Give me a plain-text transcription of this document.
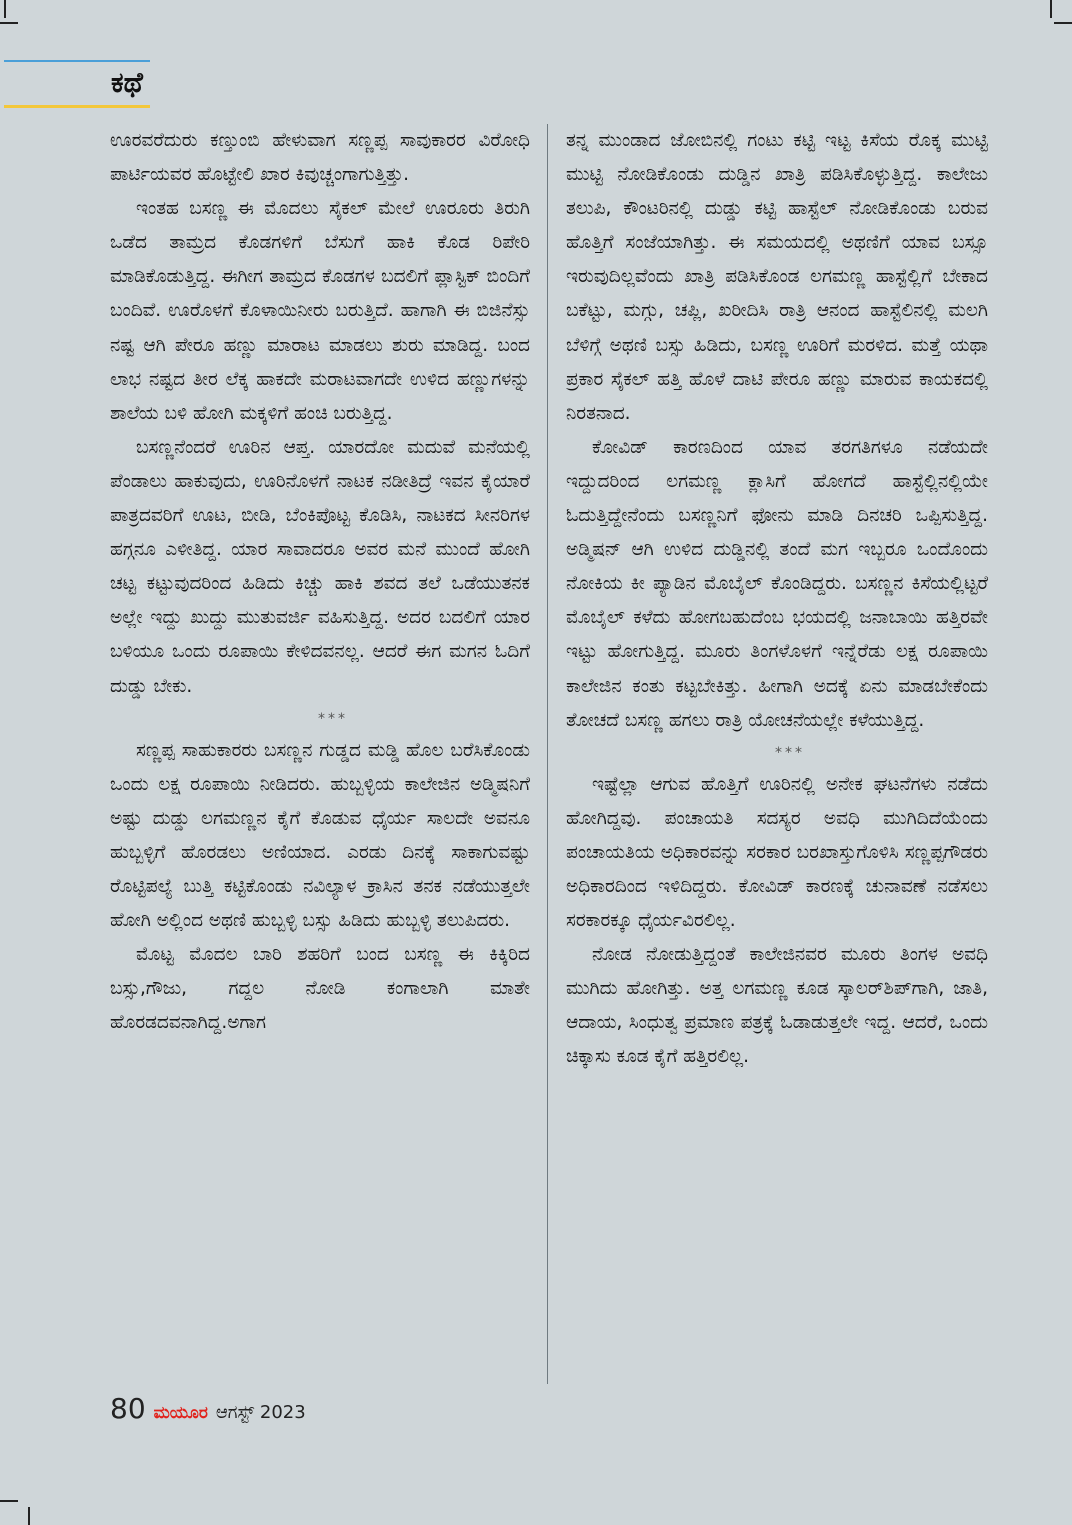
ಕಥೆ

ಊರವರೆದುರು ಕಣ್ತುಂಬಿ ಹೇಳುವಾಗ ಸಣ್ಣಪ್ಪ ಸಾವುಕಾರರ ವಿರೋಧಿ ಪಾರ್ಟಿಯವರ ಹೊಟ್ಟೇಲಿ ಖಾರ ಕಿವುಚ್ಚಂಗಾಗುತ್ತಿತ್ತು.

ಇಂತಹ ಬಸಣ್ಣ ಈ ಮೊದಲು ಸೈಕಲ್ ಮೇಲೆ ಊರೂರು ತಿರುಗಿ ಒಡೆದ ತಾಮ್ರದ ಕೊಡಗಳಿಗೆ ಬೆಸುಗೆ ಹಾಕಿ ಕೊಡ ರಿಪೇರಿ ಮಾಡಿಕೊಡುತ್ತಿದ್ದ. ಈಗೀಗ ತಾಮ್ರದ ಕೊಡಗಳ ಬದಲಿಗೆ ಪ್ಲಾಸ್ಟಿಕ್ ಬಿಂದಿಗೆ ಬಂದಿವೆ. ಊರೊಳಗೆ ಕೊಳಾಯಿನೀರು ಬರುತ್ತಿದೆ. ಹಾಗಾಗಿ ಈ ಬಿಜಿನೆಸ್ಸು ನಷ್ಟ ಆಗಿ ಪೇರೂ ಹಣ್ಣು ಮಾರಾಟ ಮಾಡಲು ಶುರು ಮಾಡಿದ್ದ. ಬಂದ ಲಾಭ ನಷ್ಟದ ತೀರ ಲೆಕ್ಕ ಹಾಕದೇ ಮರಾಟವಾಗದೇ ಉಳಿದ ಹಣ್ಣುಗಳನ್ನು ಶಾಲೆಯ ಬಳಿ ಹೋಗಿ ಮಕ್ಕಳಿಗೆ ಹಂಚಿ ಬರುತ್ತಿದ್ದ.

ಬಸಣ್ಣನೆಂದರೆ ಊರಿನ ಆಪ್ತ. ಯಾರದೋ ಮದುವೆ ಮನೆಯಲ್ಲಿ ಪೆಂಡಾಲು ಹಾಕುವುದು, ಊರಿನೊಳಗೆ ನಾಟಕ ನಡೀತಿದ್ರೆ ಇವನ ಕೈಯಾರೆ ಪಾತ್ರದವರಿಗೆ ಊಟ, ಬೀಡಿ, ಬೆಂಕಿಪೊಟ್ಟ ಕೊಡಿಸಿ, ನಾಟಕದ ಸೀನರಿಗಳ ಹಗ್ಗನೂ ಎಳೀತಿದ್ದ. ಯಾರ ಸಾವಾದರೂ ಅವರ ಮನೆ ಮುಂದೆ ಹೋಗಿ ಚಟ್ಟ ಕಟ್ಟುವುದರಿಂದ ಹಿಡಿದು ಕಿಚ್ಚು ಹಾಕಿ ಶವದ ತಲೆ ಒಡೆಯುತನಕ ಅಲ್ಲೇ ಇದ್ದು ಖುದ್ದು ಮುತುವರ್ಜಿ ವಹಿಸುತ್ತಿದ್ದ. ಅದರ ಬದಲಿಗೆ ಯಾರ ಬಳಿಯೂ ಒಂದು ರೂಪಾಯಿ ಕೇಳಿದವನಲ್ಲ. ಆದರೆ ಈಗ ಮಗನ ಓದಿಗೆ ದುಡ್ಡು ಬೇಕು.

***

ಸಣ್ಣಪ್ಪ ಸಾಹುಕಾರರು ಬಸಣ್ಣನ ಗುಡ್ಡದ ಮಡ್ಡಿ ಹೊಲ ಬರೆಸಿಕೊಂಡು ಒಂದು ಲಕ್ಷ ರೂಪಾಯಿ ನೀಡಿದರು. ಹುಬ್ಬಳ್ಳಿಯ ಕಾಲೇಜಿನ ಅಡ್ಮಿಷನಿಗೆ ಅಷ್ಟು ದುಡ್ಡು ಲಗಮಣ್ಣನ ಕೈಗೆ ಕೊಡುವ ಧೈರ್ಯ ಸಾಲದೇ ಅವನೂ ಹುಬ್ಬಳ್ಳಿಗೆ ಹೊರಡಲು ಅಣಿಯಾದ. ಎರಡು ದಿನಕ್ಕೆ ಸಾಕಾಗುವಷ್ಟು ರೊಟ್ಟಿಪಲ್ಯೆ ಬುತ್ತಿ ಕಟ್ಟಿಕೊಂಡು ನವಿಲ್ಯಾಳ ಕ್ರಾಸಿನ ತನಕ ನಡೆಯುತ್ತಲೇ ಹೋಗಿ ಅಲ್ಲಿಂದ ಅಥಣಿ ಹುಬ್ಬಳ್ಳಿ ಬಸ್ಸು ಹಿಡಿದು ಹುಬ್ಬಳ್ಳಿ ತಲುಪಿದರು.

ಮೊಟ್ಟ ಮೊದಲ ಬಾರಿ ಶಹರಿಗೆ ಬಂದ ಬಸಣ್ಣ ಈ ಕಿಕ್ಕಿರಿದ ಬಸ್ಸು,ಗೌಜು, ಗದ್ದಲ ನೋಡಿ ಕಂಗಾಲಾಗಿ ಮಾತೇ ಹೊರಡದವನಾಗಿದ್ದ.ಅಗಾಗ

ತನ್ನ ಮುಂಡಾದ ಜೋಬಿನಲ್ಲಿ ಗಂಟು ಕಟ್ಟಿ ಇಟ್ಟ ಕಿಸೆಯ ರೊಕ್ಕ ಮುಟ್ಟಿ ಮುಟ್ಟಿ ನೋಡಿಕೊಂಡು ದುಡ್ಡಿನ ಖಾತ್ರಿ ಪಡಿಸಿಕೊಳ್ಳುತ್ತಿದ್ದ. ಕಾಲೇಜು ತಲುಪಿ, ಕೌಂಟರಿನಲ್ಲಿ ದುಡ್ಡು ಕಟ್ಟಿ ಹಾಸ್ಟೆಲ್ ನೋಡಿಕೊಂಡು ಬರುವ ಹೊತ್ತಿಗೆ ಸಂಜೆಯಾಗಿತ್ತು. ಈ ಸಮಯದಲ್ಲಿ ಅಥಣಿಗೆ ಯಾವ ಬಸ್ಸೂ ಇರುವುದಿಲ್ಲವೆಂದು ಖಾತ್ರಿ ಪಡಿಸಿಕೊಂಡ ಲಗಮಣ್ಣ ಹಾಸ್ಟೆಲ್ಲಿಗೆ ಬೇಕಾದ ಬಕೆಟ್ಟು, ಮಗ್ಗು, ಚಪ್ಲಿ, ಖರೀದಿಸಿ ರಾತ್ರಿ ಆನಂದ ಹಾಸ್ಟೆಲಿನಲ್ಲಿ ಮಲಗಿ ಬೆಳಿಗ್ಗೆ ಅಥಣಿ ಬಸ್ಸು ಹಿಡಿದು, ಬಸಣ್ಣ ಊರಿಗೆ ಮರಳಿದ. ಮತ್ತೆ ಯಥಾ ಪ್ರಕಾರ ಸೈಕಲ್ ಹತ್ತಿ ಹೊಳೆ ದಾಟಿ ಪೇರೂ ಹಣ್ಣು ಮಾರುವ ಕಾಯಕದಲ್ಲಿ ನಿರತನಾದ.

ಕೋವಿಡ್ ಕಾರಣದಿಂದ ಯಾವ ತರಗತಿಗಳೂ ನಡೆಯದೇ ಇದ್ದುದರಿಂದ ಲಗಮಣ್ಣ ಕ್ಲಾಸಿಗೆ ಹೋಗದೆ ಹಾಸ್ಟೆಲ್ಲಿನಲ್ಲಿಯೇ ಓದುತ್ತಿದ್ದೇನೆಂದು ಬಸಣ್ಣನಿಗೆ ಫೋನು ಮಾಡಿ ದಿನಚರಿ ಒಪ್ಪಿಸುತ್ತಿದ್ದ. ಅಡ್ಮಿಷನ್ ಆಗಿ ಉಳಿದ ದುಡ್ಡಿನಲ್ಲಿ ತಂದೆ ಮಗ ಇಬ್ಬರೂ ಒಂದೊಂದು ನೋಕಿಯ ಕೀ ಪ್ಯಾಡಿನ ಮೊಬೈಲ್ ಕೊಂಡಿದ್ದರು. ಬಸಣ್ಣನ ಕಿಸೆಯಲ್ಲಿಟ್ಟರೆ ಮೊಬೈಲ್ ಕಳೆದು ಹೋಗಬಹುದೆಂಬ ಭಯದಲ್ಲಿ ಜನಾಬಾಯಿ ಹತ್ತಿರವೇ ಇಟ್ಟು ಹೋಗುತ್ತಿದ್ದ. ಮೂರು ತಿಂಗಳೊಳಗೆ ಇನ್ನೆರೆಡು ಲಕ್ಷ ರೂಪಾಯಿ ಕಾಲೇಜಿನ ಕಂತು ಕಟ್ಟಬೇಕಿತ್ತು. ಹೀಗಾಗಿ ಅದಕ್ಕೆ ಏನು ಮಾಡಬೇಕೆಂದು ತೋಚದೆ ಬಸಣ್ಣ ಹಗಲು ರಾತ್ರಿ ಯೋಚನೆಯಲ್ಲೇ ಕಳೆಯುತ್ತಿದ್ದ.

***

ಇಷ್ಟೆಲ್ಲಾ ಆಗುವ ಹೊತ್ತಿಗೆ ಊರಿನಲ್ಲಿ ಅನೇಕ ಘಟನೆಗಳು ನಡೆದು ಹೋಗಿದ್ದವು. ಪಂಚಾಯತಿ ಸದಸ್ಯರ ಅವಧಿ ಮುಗಿದಿದೆಯೆಂದು ಪಂಚಾಯತಿಯ ಅಧಿಕಾರವನ್ನು ಸರಕಾರ ಬರಖಾಸ್ತುಗೊಳಿಸಿ ಸಣ್ಣಪ್ಪಗೌಡರು ಅಧಿಕಾರದಿಂದ ಇಳಿದಿದ್ದರು. ಕೋವಿಡ್ ಕಾರಣಕ್ಕೆ ಚುನಾವಣೆ ನಡೆಸಲು ಸರಕಾರಕ್ಕೂ ಧೈರ್ಯವಿರಲಿಲ್ಲ.

ನೋಡ ನೋಡುತ್ತಿದ್ದಂತೆ ಕಾಲೇಜಿನವರ ಮೂರು ತಿಂಗಳ ಅವಧಿ ಮುಗಿದು ಹೋಗಿತ್ತು. ಅತ್ತ ಲಗಮಣ್ಣ ಕೂಡ ಸ್ಕಾಲರ್‌ಶಿಪ್‌ಗಾಗಿ, ಜಾತಿ, ಆದಾಯ, ಸಿಂಧುತ್ವ ಪ್ರಮಾಣ ಪತ್ರಕ್ಕೆ ಓಡಾಡುತ್ತಲೇ ಇದ್ದ. ಆದರೆ, ಒಂದು ಚಿಕ್ಕಾಸು ಕೂಡ ಕೈಗೆ ಹತ್ತಿರಲಿಲ್ಲ.

80 ಮಯೂರ ಆಗಸ್ಟ್ 2023
